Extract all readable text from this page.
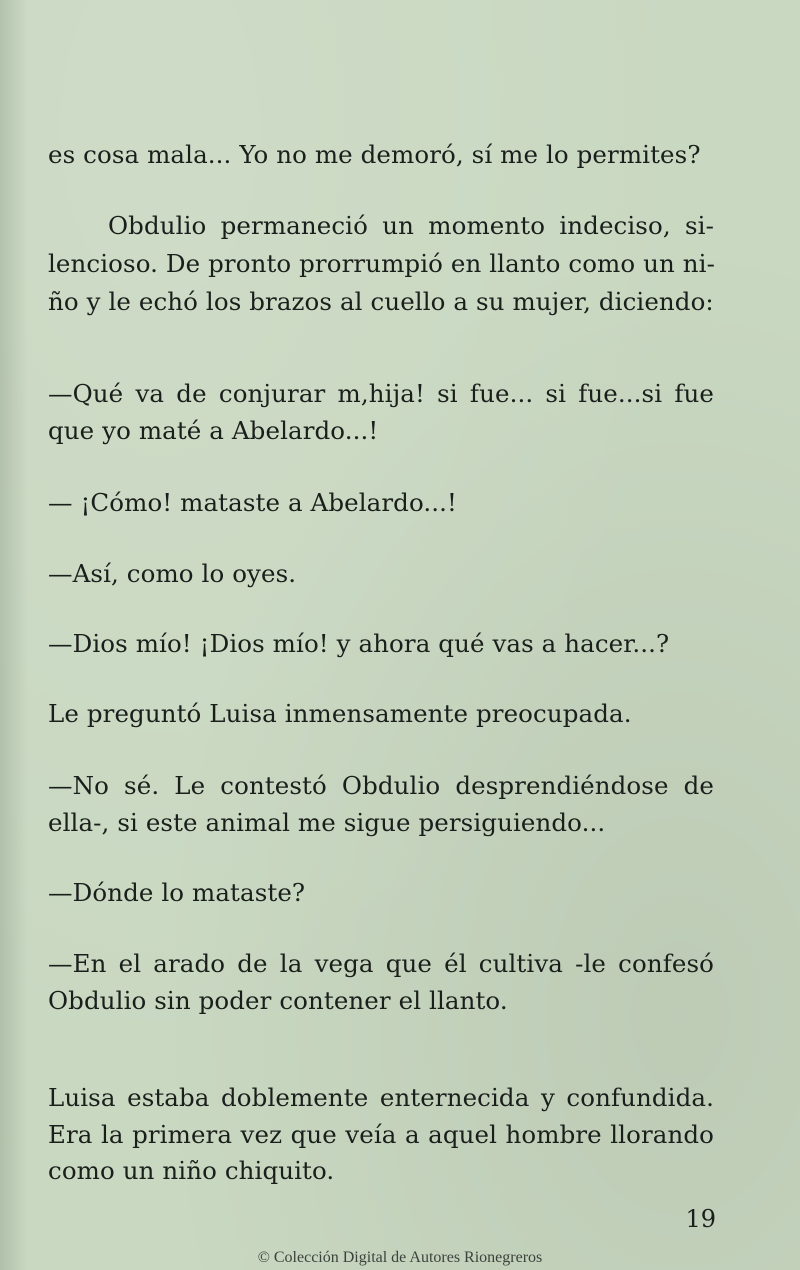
es cosa mala... Yo no me demoró, sí me lo permites?

Obdulio permaneció un momento indeciso, si-

lencioso. De pronto prorrumpió en llanto como un ni-

ño y le echó los brazos al cuello a su mujer, diciendo:

—Qué va de conjurar m,hija! si fue... si fue...si fue

que yo maté a Abelardo...!

— ¡Cómo! mataste a Abelardo...!

—Así, como lo oyes.

—Dios mío! ¡Dios mío! y ahora qué vas a hacer...?

Le preguntó Luisa inmensamente preocupada.

—No sé. Le contestó Obdulio desprendiéndose de

ella-, si este animal me sigue persiguiendo...

—Dónde lo mataste?

—En el arado de la vega que él cultiva -le confesó

Obdulio sin poder contener el llanto.

Luisa estaba doblemente enternecida y confundida.

Era la primera vez que veía a aquel hombre llorando

como un niño chiquito.

19

© Colección Digital de Autores Rionegreros
